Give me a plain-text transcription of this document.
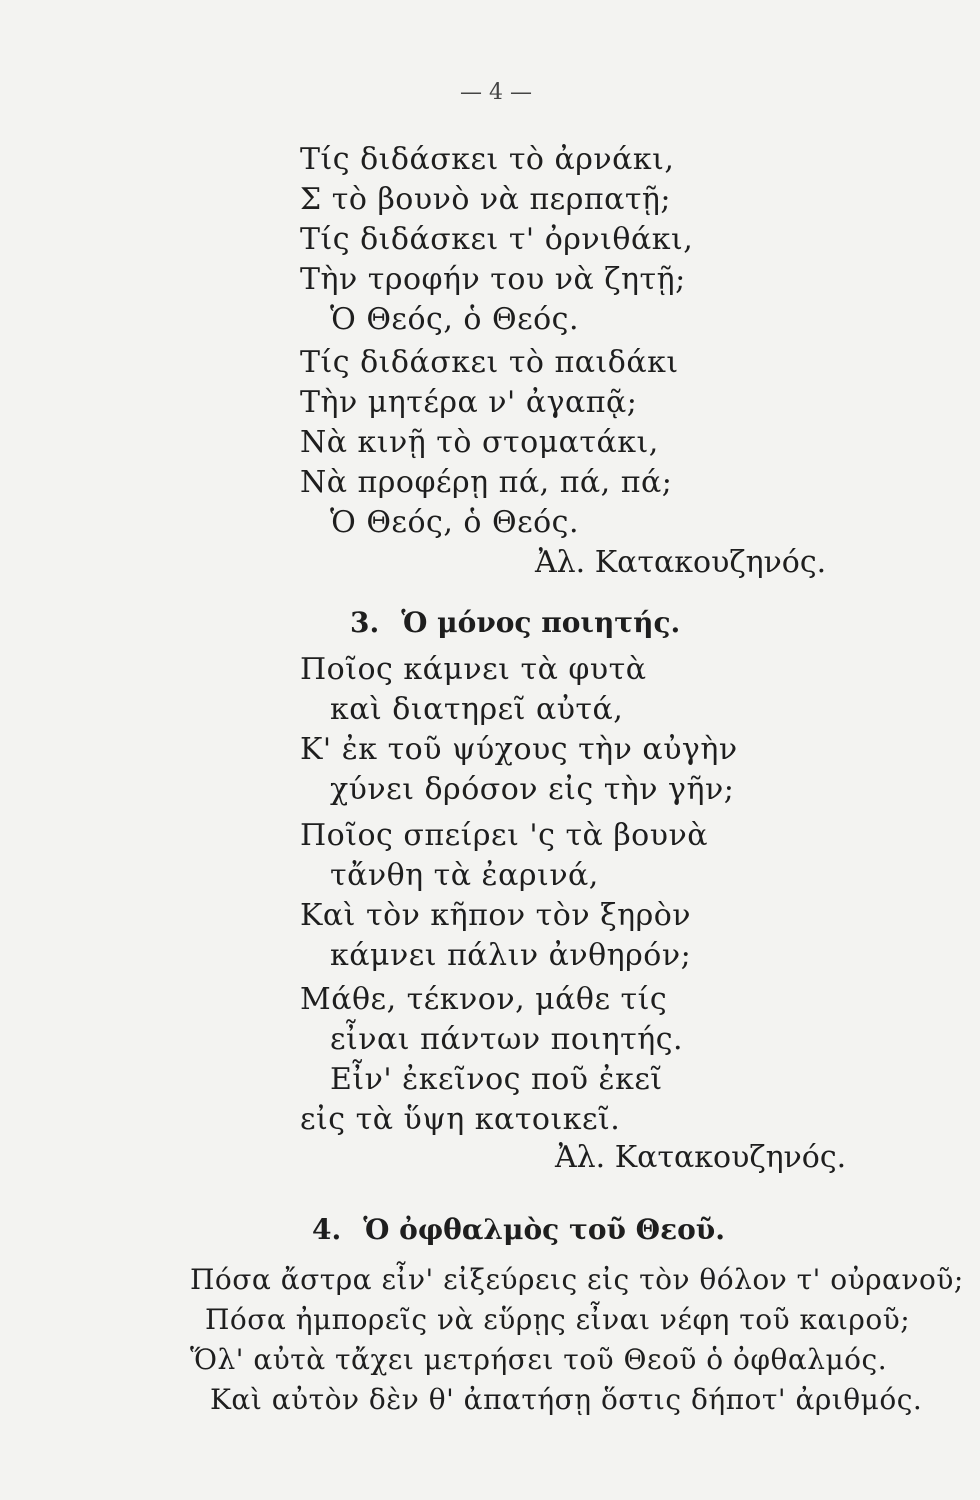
— 4 —
Τίς διδάσκει τὸ ἀρνάκι,
Σ τὸ βουνὸ νὰ περπατῇ;
Τίς διδάσκει τ' ὀρνιθάκι,
Τὴν τροφήν του νὰ ζητῇ;
Ὁ Θεός, ὁ Θεός.
Τίς διδάσκει τὸ παιδάκι
Τὴν μητέρα ν' ἀγαπᾷ;
Νὰ κινῇ τὸ στοματάκι,
Νὰ προφέρῃ πά, πά, πά;
Ὁ Θεός, ὁ Θεός.
Ἀλ. Κατακουζηνός.
3. Ὁ μόνος ποιητής.
Ποῖος κάμνει τὰ φυτὰ
καὶ διατηρεῖ αὐτά,
Κ' ἐκ τοῦ ψύχους τὴν αὐγὴν
χύνει δρόσον εἰς τὴν γῆν;
Ποῖος σπείρει 'ς τὰ βουνὰ
τἄνθη τὰ ἐαρινά,
Καὶ τὸν κῆπον τὸν ξηρὸν
κάμνει πάλιν ἀνθηρόν;
Μάθε, τέκνον, μάθε τίς
εἶναι πάντων ποιητής.
Εἶν' ἐκεῖνος ποῦ ἐκεῖ
εἰς τὰ ὕψη κατοικεῖ.
Ἀλ. Κατακουζηνός.
4. Ὁ ὀφθαλμὸς τοῦ Θεοῦ.
Πόσα ἄστρα εἶν' εἰξεύρεις εἰς τὸν θόλον τ' οὐρανοῦ;
Πόσα ἠμπορεῖς νὰ εὕρῃς εἶναι νέφη τοῦ καιροῦ;
Ὅλ' αὐτὰ τἄχει μετρήσει τοῦ Θεοῦ ὁ ὀφθαλμός.
Καὶ αὐτὸν δὲν θ' ἀπατήσῃ ὅστις δήποτ' ἀριθμός.
